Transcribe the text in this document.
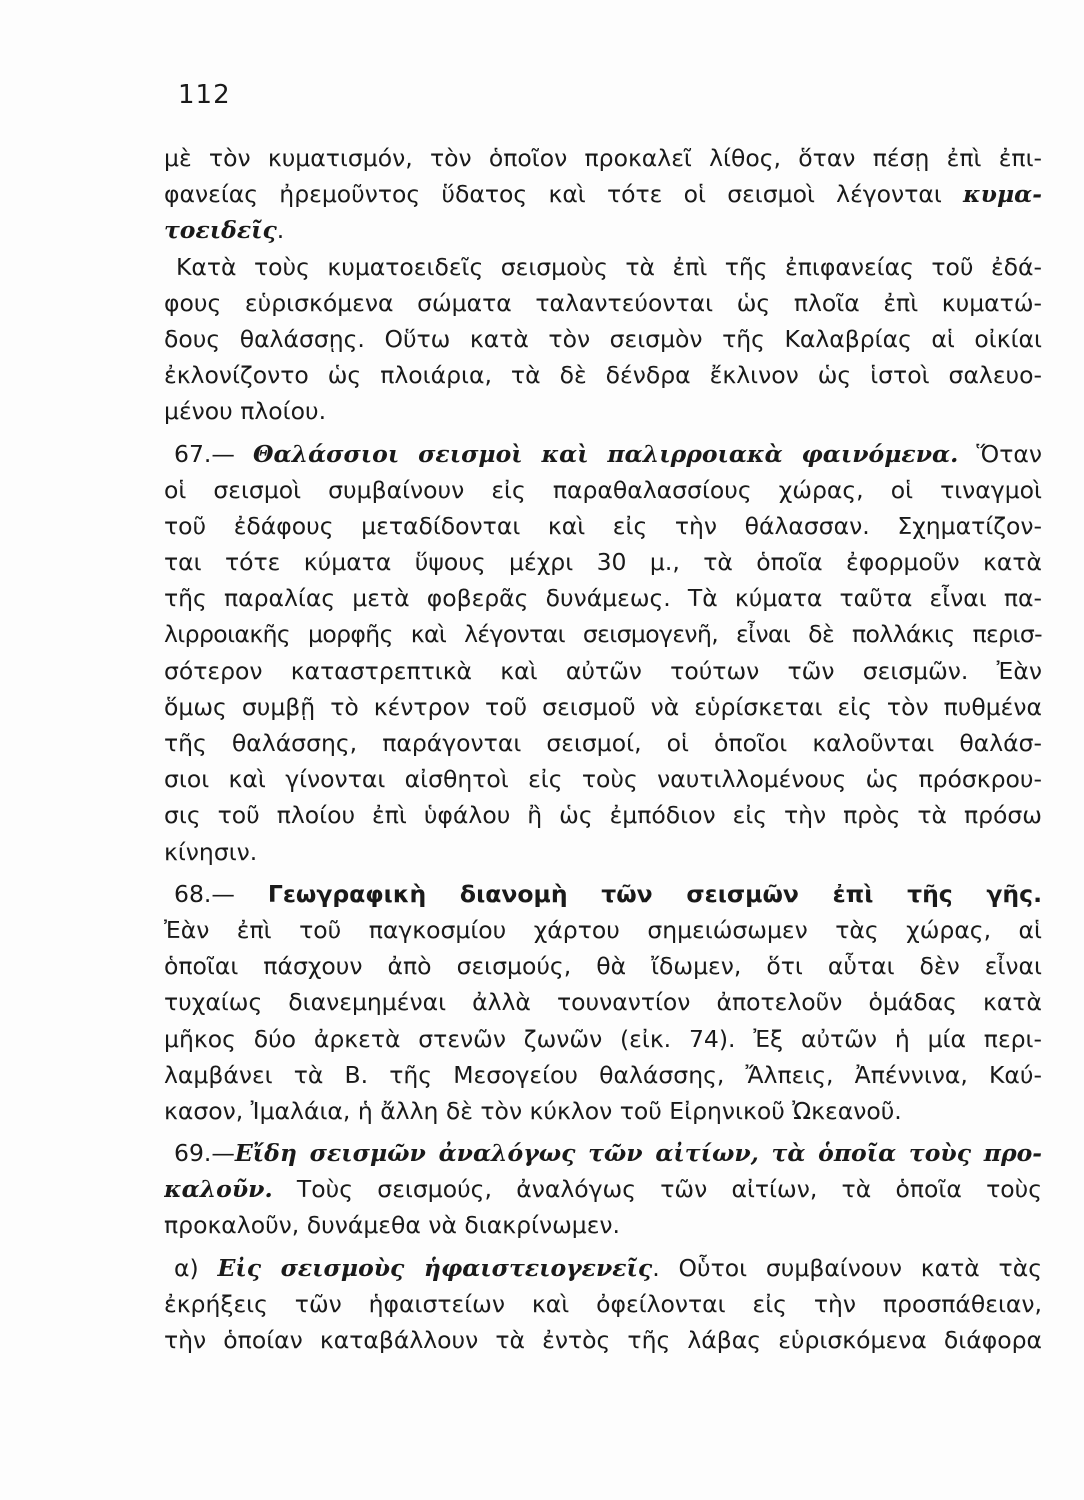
112
μὲ τὸν κυματισμόν, τὸν ὁποῖον προκαλεῖ λίθος, ὅταν πέσῃ ἐπὶ ἐπι-
φανείας ἠρεμοῦντος ὕδατος καὶ τότε οἱ σεισμοὶ λέγονται κυμα-
τοειδεῖς.
Κατὰ τοὺς κυματοειδεῖς σεισμοὺς τὰ ἐπὶ τῆς ἐπιφανείας τοῦ ἐδά-
φους εὑρισκόμενα σώματα ταλαντεύονται ὡς πλοῖα ἐπὶ κυματώ-
δους θαλάσσῃς. Οὕτω κατὰ τὸν σεισμὸν τῆς Καλαβρίας αἱ οἰκίαι
ἐκλονίζοντο ὡς πλοιάρια, τὰ δὲ δένδρα ἔκλινον ὡς ἱστοὶ σαλευο-
μένου πλοίου.
67.— Θαλάσσιοι σεισμοὶ καὶ παλιρροιακὰ φαινόμενα. Ὅταν
οἱ σεισμοὶ συμβαίνουν εἰς παραθαλασσίους χώρας, οἱ τιναγμοὶ
τοῦ ἐδάφους μεταδίδονται καὶ εἰς τὴν θάλασσαν. Σχηματίζον-
ται τότε κύματα ὕψους μέχρι 30 μ., τὰ ὁποῖα ἐφορμοῦν κατὰ
τῆς παραλίας μετὰ φοβερᾶς δυνάμεως. Τὰ κύματα ταῦτα εἶναι πα-
λιρροιακῆς μορφῆς καὶ λέγονται σεισμογενῆ, εἶναι δὲ πολλάκις περισ-
σότερον καταστρεπτικὰ καὶ αὐτῶν τούτων τῶν σεισμῶν. Ἐὰν
ὅμως συμβῇ τὸ κέντρον τοῦ σεισμοῦ νὰ εὑρίσκεται εἰς τὸν πυθμένα
τῆς θαλάσσης, παράγονται σεισμοί, οἱ ὁποῖοι καλοῦνται θαλάσ-
σιοι καὶ γίνονται αἰσθητοὶ εἰς τοὺς ναυτιλλομένους ὡς πρόσκρου-
σις τοῦ πλοίου ἐπὶ ὑφάλου ἢ ὡς ἐμπόδιον εἰς τὴν πρὸς τὰ πρόσω
κίνησιν.
68.— Γεωγραφικὴ διανομὴ τῶν σεισμῶν ἐπὶ τῆς γῆς.
Ἐὰν ἐπὶ τοῦ παγκοσμίου χάρτου σημειώσωμεν τὰς χώρας, αἱ
ὁποῖαι πάσχουν ἀπὸ σεισμούς, θὰ ἴδωμεν, ὅτι αὗται δὲν εἶναι
τυχαίως διανεμημέναι ἀλλὰ τουναντίον ἀποτελοῦν ὁμάδας κατὰ
μῆκος δύο ἀρκετὰ στενῶν ζωνῶν (εἰκ. 74). Ἐξ αὐτῶν ἡ μία περι-
λαμβάνει τὰ Β. τῆς Μεσογείου θαλάσσης, Ἄλπεις, Ἀπέννινα, Καύ-
κασον, Ἰμαλάια, ἡ ἄλλη δὲ τὸν κύκλον τοῦ Εἰρηνικοῦ Ὠκεανοῦ.
69.—Εἴδη σεισμῶν ἀναλόγως τῶν αἰτίων, τὰ ὁποῖα τοὺς προ-
καλοῦν. Τοὺς σεισμούς, ἀναλόγως τῶν αἰτίων, τὰ ὁποῖα τοὺς
προκαλοῦν, δυνάμεθα νὰ διακρίνωμεν.
α) Εἰς σεισμοὺς ἡφαιστειογενεῖς. Οὗτοι συμβαίνουν κατὰ τὰς
ἐκρήξεις τῶν ἡφαιστείων καὶ ὀφείλονται εἰς τὴν προσπάθειαν,
τὴν ὁποίαν καταβάλλουν τὰ ἐντὸς τῆς λάβας εὑρισκόμενα διάφορα
